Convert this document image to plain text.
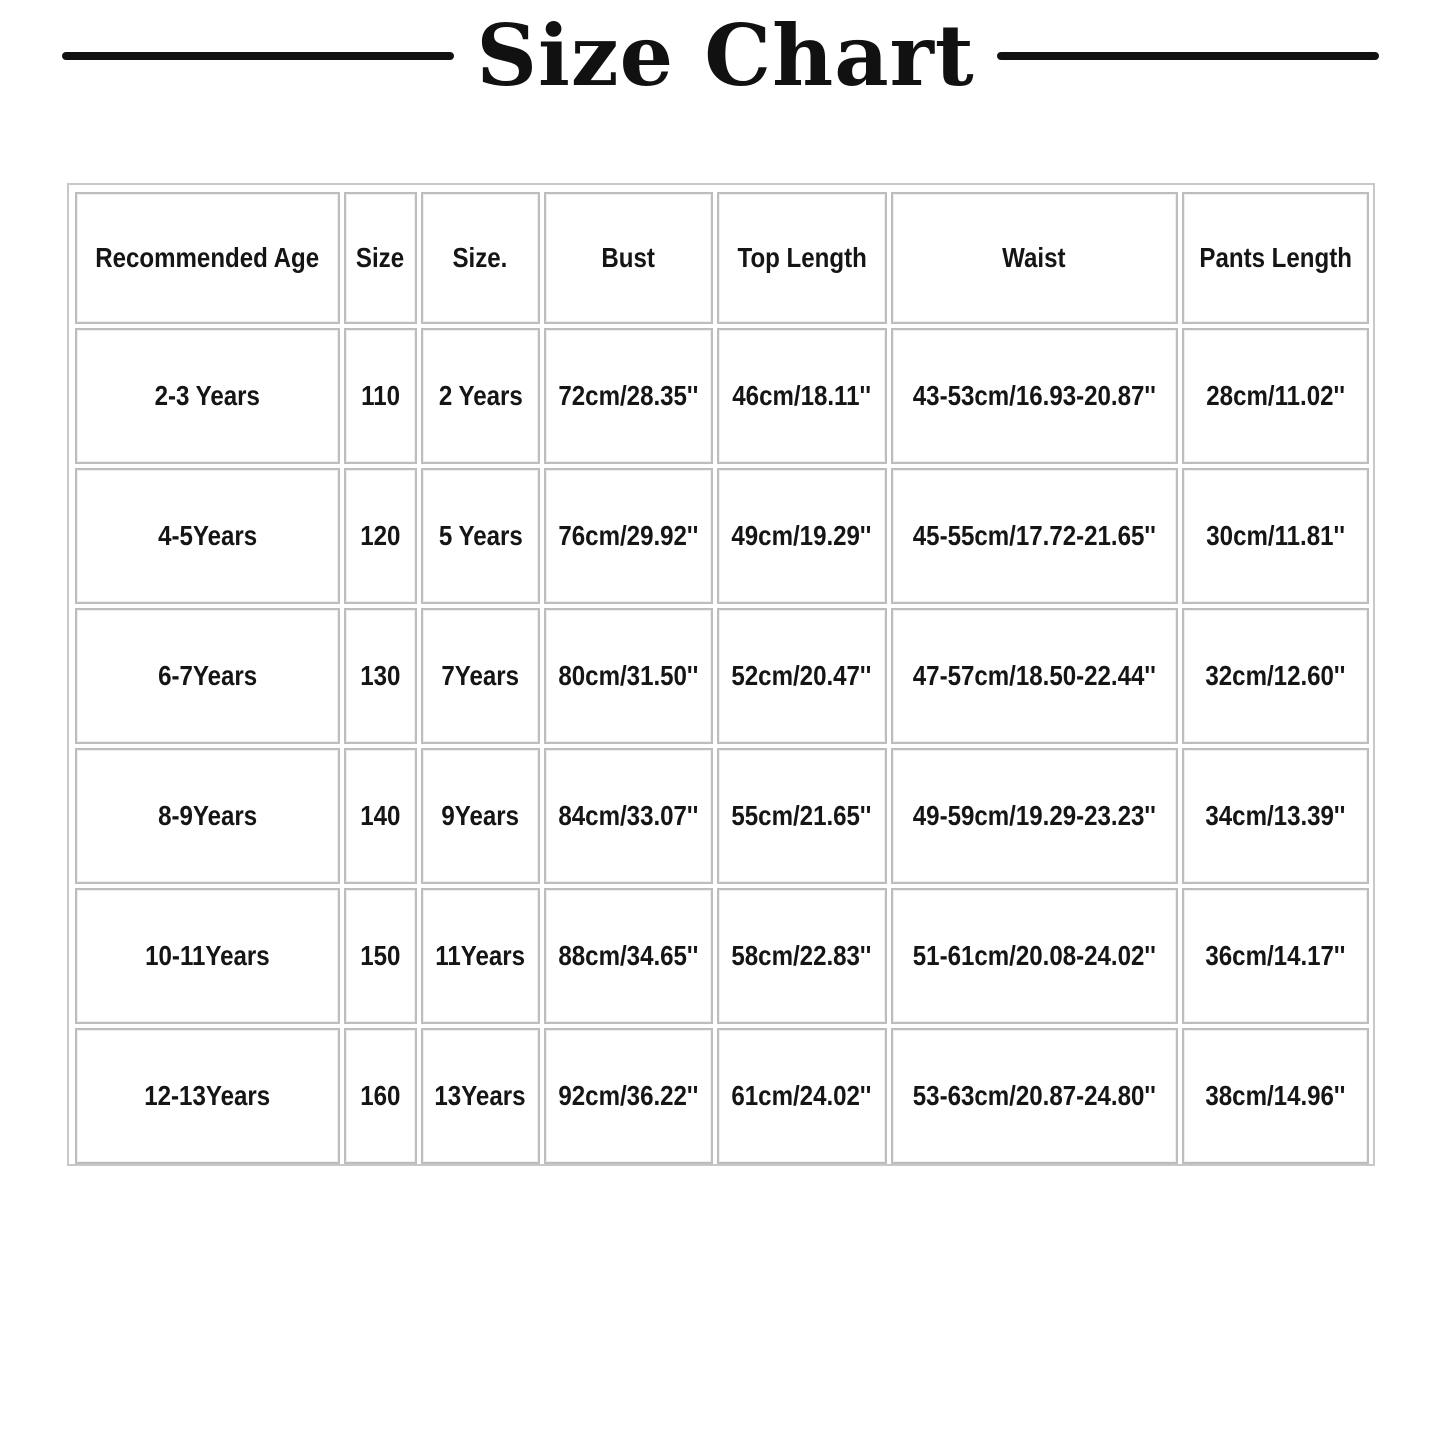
Size Chart
Recommended Age	Size	Size.	Bust	Top Length	Waist	Pants Length
2-3 Years	110	2 Years	72cm/28.35''	46cm/18.11''	43-53cm/16.93-20.87''	28cm/11.02''
4-5Years	120	5 Years	76cm/29.92''	49cm/19.29''	45-55cm/17.72-21.65''	30cm/11.81''
6-7Years	130	7Years	80cm/31.50''	52cm/20.47''	47-57cm/18.50-22.44''	32cm/12.60''
8-9Years	140	9Years	84cm/33.07''	55cm/21.65''	49-59cm/19.29-23.23''	34cm/13.39''
10-11Years	150	11Years	88cm/34.65''	58cm/22.83''	51-61cm/20.08-24.02''	36cm/14.17''
12-13Years	160	13Years	92cm/36.22''	61cm/24.02''	53-63cm/20.87-24.80''	38cm/14.96''
